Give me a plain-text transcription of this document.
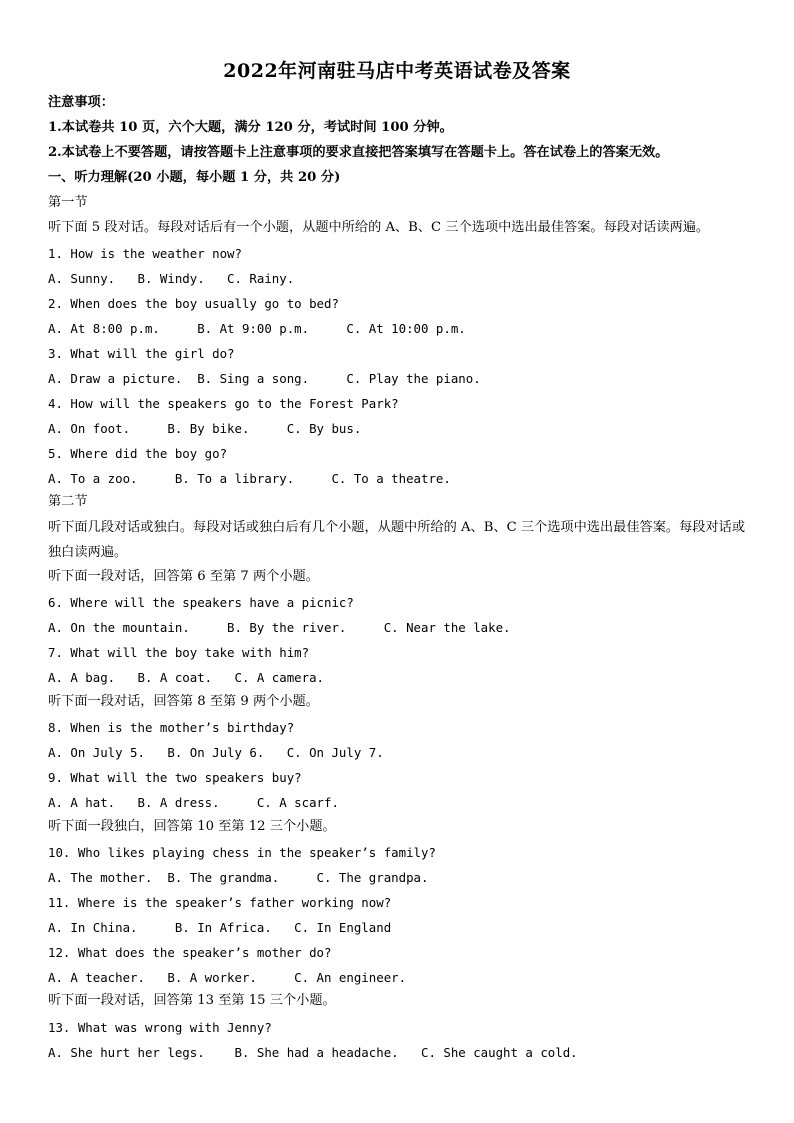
2022年河南驻马店中考英语试卷及答案
注意事项：
1.本试卷共 10 页，六个大题，满分 120 分，考试时间 100 分钟。
2.本试卷上不要答题，请按答题卡上注意事项的要求直接把答案填写在答题卡上。答在试卷上的答案无效。
一、听力理解(20 小题，每小题 1 分，共 20 分)
第一节
听下面 5 段对话。每段对话后有一个小题，从题中所给的 A、B、C 三个选项中选出最佳答案。每段对话读两遍。
1. How is the weather now?
A. Sunny.   B. Windy.   C. Rainy.
2. When does the boy usually go to bed?
A. At 8:00 p.m.     B. At 9:00 p.m.     C. At 10:00 p.m.
3. What will the girl do?
A. Draw a picture.  B. Sing a song.     C. Play the piano.
4. How will the speakers go to the Forest Park?
A. On foot.     B. By bike.     C. By bus.
5. Where did the boy go?
A. To a zoo.     B. To a library.     C. To a theatre.
第二节
听下面几段对话或独白。每段对话或独白后有几个小题，从题中所给的 A、B、C 三个选项中选出最佳答案。每段对话或独白读两遍。
听下面一段对话，回答第 6 至第 7 两个小题。
6. Where will the speakers have a picnic?
A. On the mountain.     B. By the river.     C. Near the lake.
7. What will the boy take with him?
A. A bag.   B. A coat.   C. A camera.
听下面一段对话，回答第 8 至第 9 两个小题。
8. When is the mother’s birthday?
A. On July 5.   B. On July 6.   C. On July 7.
9. What will the two speakers buy?
A. A hat.   B. A dress.     C. A scarf.
听下面一段独白，回答第 10 至第 12 三个小题。
10. Who likes playing chess in the speaker’s family?
A. The mother.  B. The grandma.     C. The grandpa.
11. Where is the speaker’s father working now?
A. In China.     B. In Africa.   C. In England
12. What does the speaker’s mother do?
A. A teacher.   B. A worker.     C. An engineer.
听下面一段对话，回答第 13 至第 15 三个小题。
13. What was wrong with Jenny?
A. She hurt her legs.    B. She had a headache.   C. She caught a cold.
